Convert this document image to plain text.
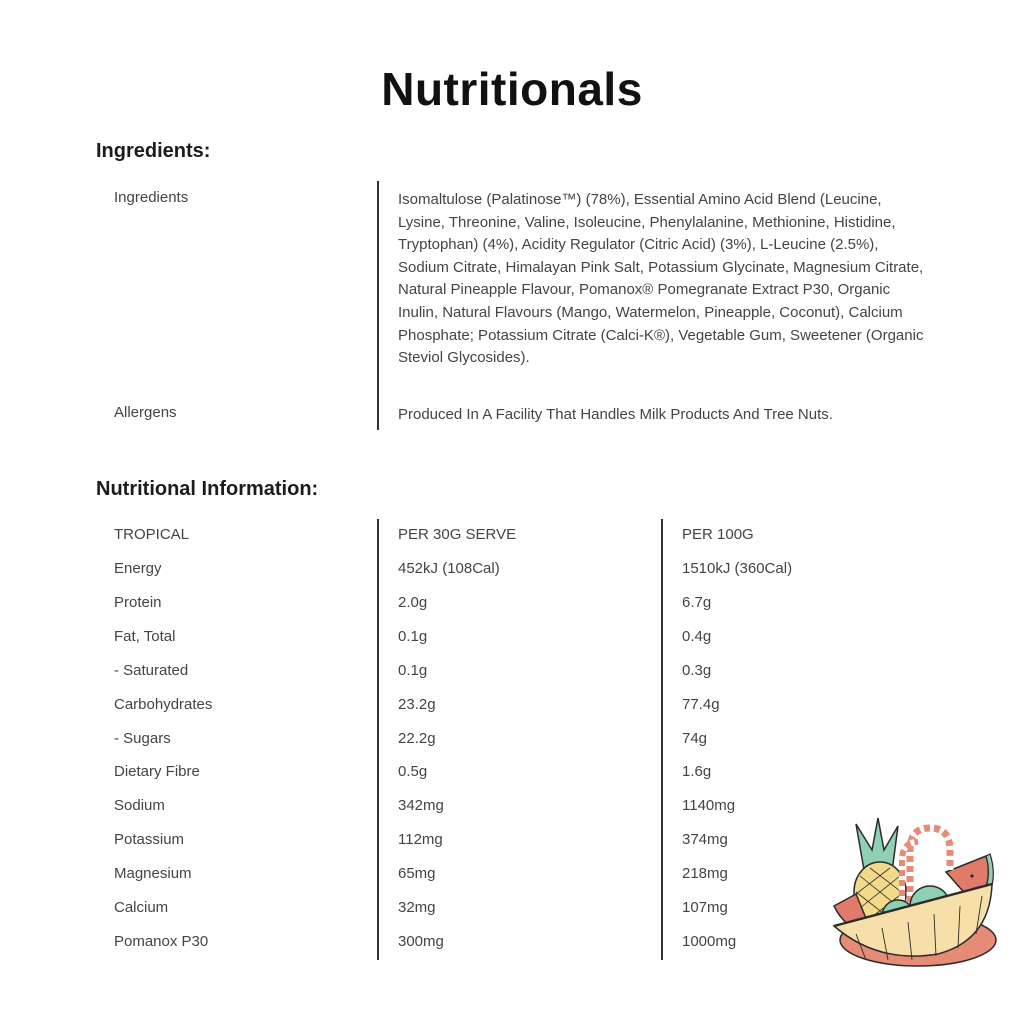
Nutritionals
Ingredients:
Ingredients	Isomaltulose (Palatinose™) (78%), Essential Amino Acid Blend (Leucine, Lysine, Threonine, Valine, Isoleucine, Phenylalanine, Methionine, Histidine, Tryptophan) (4%), Acidity Regulator (Citric Acid) (3%), L-Leucine (2.5%), Sodium Citrate, Himalayan Pink Salt, Potassium Glycinate, Magnesium Citrate, Natural Pineapple Flavour, Pomanox® Pomegranate Extract P30, Organic Inulin, Natural Flavours (Mango, Watermelon, Pineapple, Coconut), Calcium Phosphate; Potassium Citrate (Calci-K®), Vegetable Gum, Sweetener (Organic Steviol Glycosides).
Allergens	Produced In A Facility That Handles Milk Products And Tree Nuts.
Nutritional Information:
TROPICAL	PER 30G SERVE	PER 100G
Energy	452kJ (108Cal)	1510kJ (360Cal)
Protein	2.0g	6.7g
Fat, Total	0.1g	0.4g
- Saturated	0.1g	0.3g
Carbohydrates	23.2g	77.4g
- Sugars	22.2g	74g
Dietary Fibre	0.5g	1.6g
Sodium	342mg	1140mg
Potassium	112mg	374mg
Magnesium	65mg	218mg
Calcium	32mg	107mg
Pomanox P30	300mg	1000mg
